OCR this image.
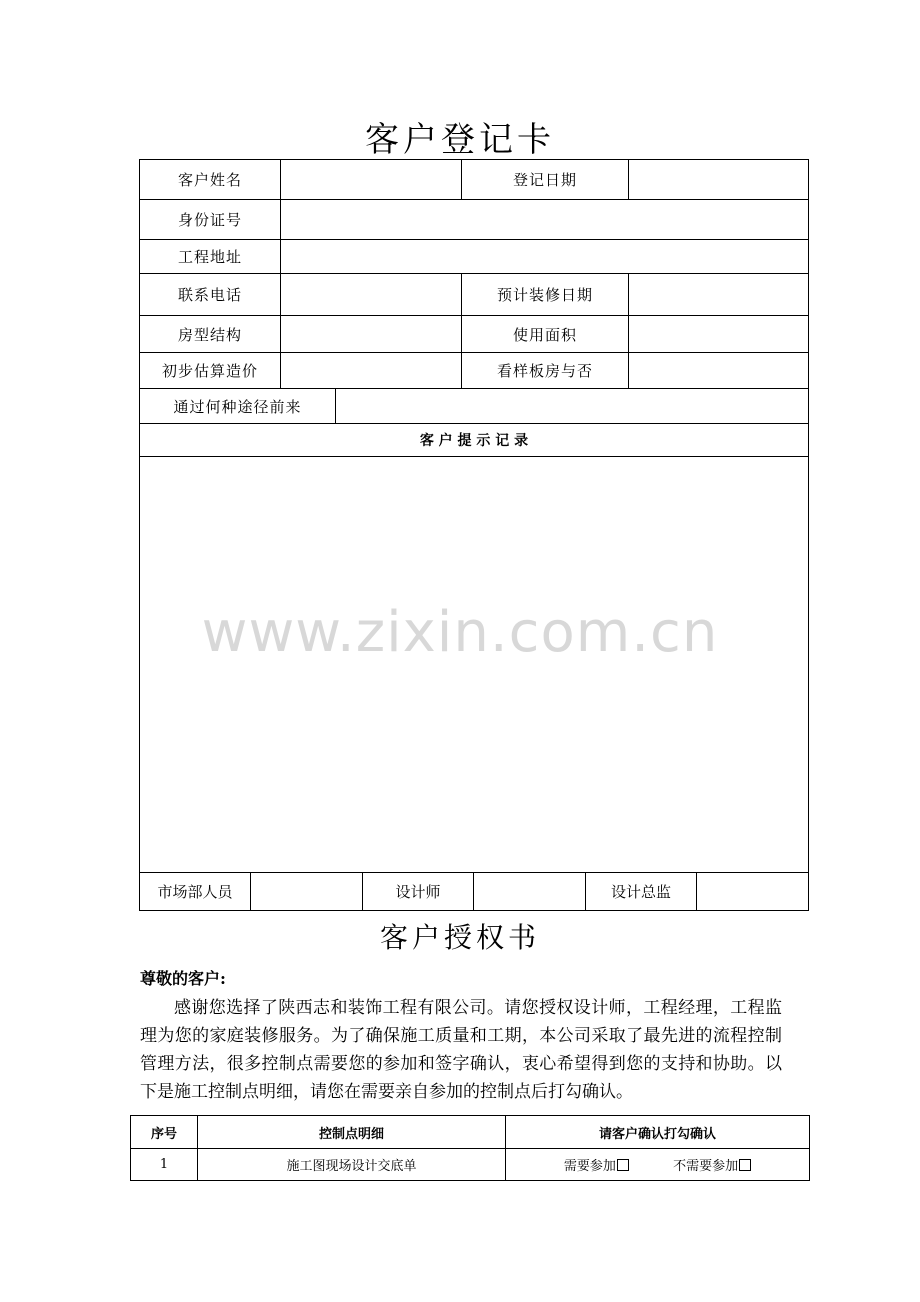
客户登记卡
客户姓名			登记日期	
身份证号				
工程地址				
联系电话			预计装修日期	
房型结构			使用面积	
初步估算造价			看样板房与否	
通过何种途径前来				
客 户 提 示 记 录				

市场部人员		设计师		设计总监	
www.zixin.com.cn
客户授权书
尊敬的客户:
感谢您选择了陕西志和装饰工程有限公司。请您授权设计师，工程经理，工程监理为您的家庭装修服务。为了确保施工质量和工期，本公司采取了最先进的流程控制管理方法，很多控制点需要您的参加和签字确认，衷心希望得到您的支持和协助。以下是施工控制点明细，请您在需要亲自参加的控制点后打勾确认。
序号	控制点明细	请客户确认打勾确认
1	施工图现场设计交底单	需要参加 不需要参加
